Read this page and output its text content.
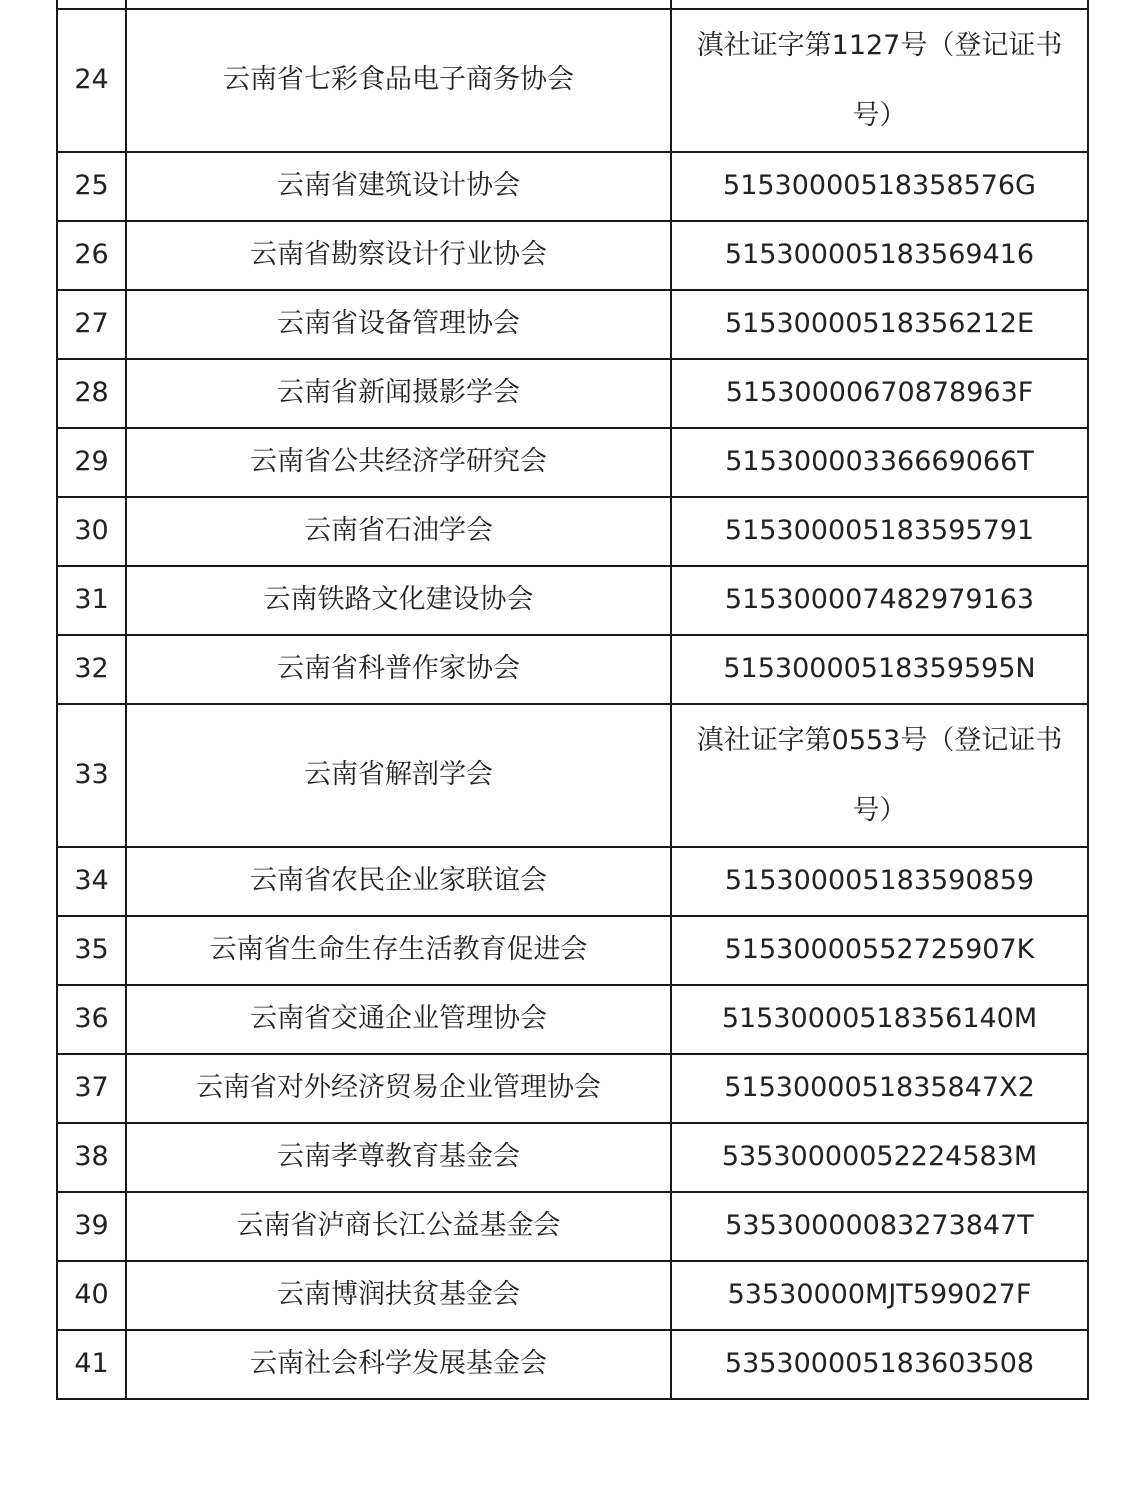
24	云南省七彩食品电子商务协会	滇社证字第1127号（登记证书号）
25	云南省建筑设计协会	51530000518358576G
26	云南省勘察设计行业协会	515300005183569416
27	云南省设备管理协会	51530000518356212E
28	云南省新闻摄影学会	51530000670878963F
29	云南省公共经济学研究会	51530000336669066T
30	云南省石油学会	515300005183595791
31	云南铁路文化建设协会	515300007482979163
32	云南省科普作家协会	51530000518359595N
33	云南省解剖学会	滇社证字第0553号（登记证书号）
34	云南省农民企业家联谊会	515300005183590859
35	云南省生命生存生活教育促进会	51530000552725907K
36	云南省交通企业管理协会	51530000518356140M
37	云南省对外经济贸易企业管理协会	5153000051835847X2
38	云南孝尊教育基金会	53530000052224583M
39	云南省泸商长江公益基金会	53530000083273847T
40	云南博润扶贫基金会	53530000MJT599027F
41	云南社会科学发展基金会	535300005183603508
